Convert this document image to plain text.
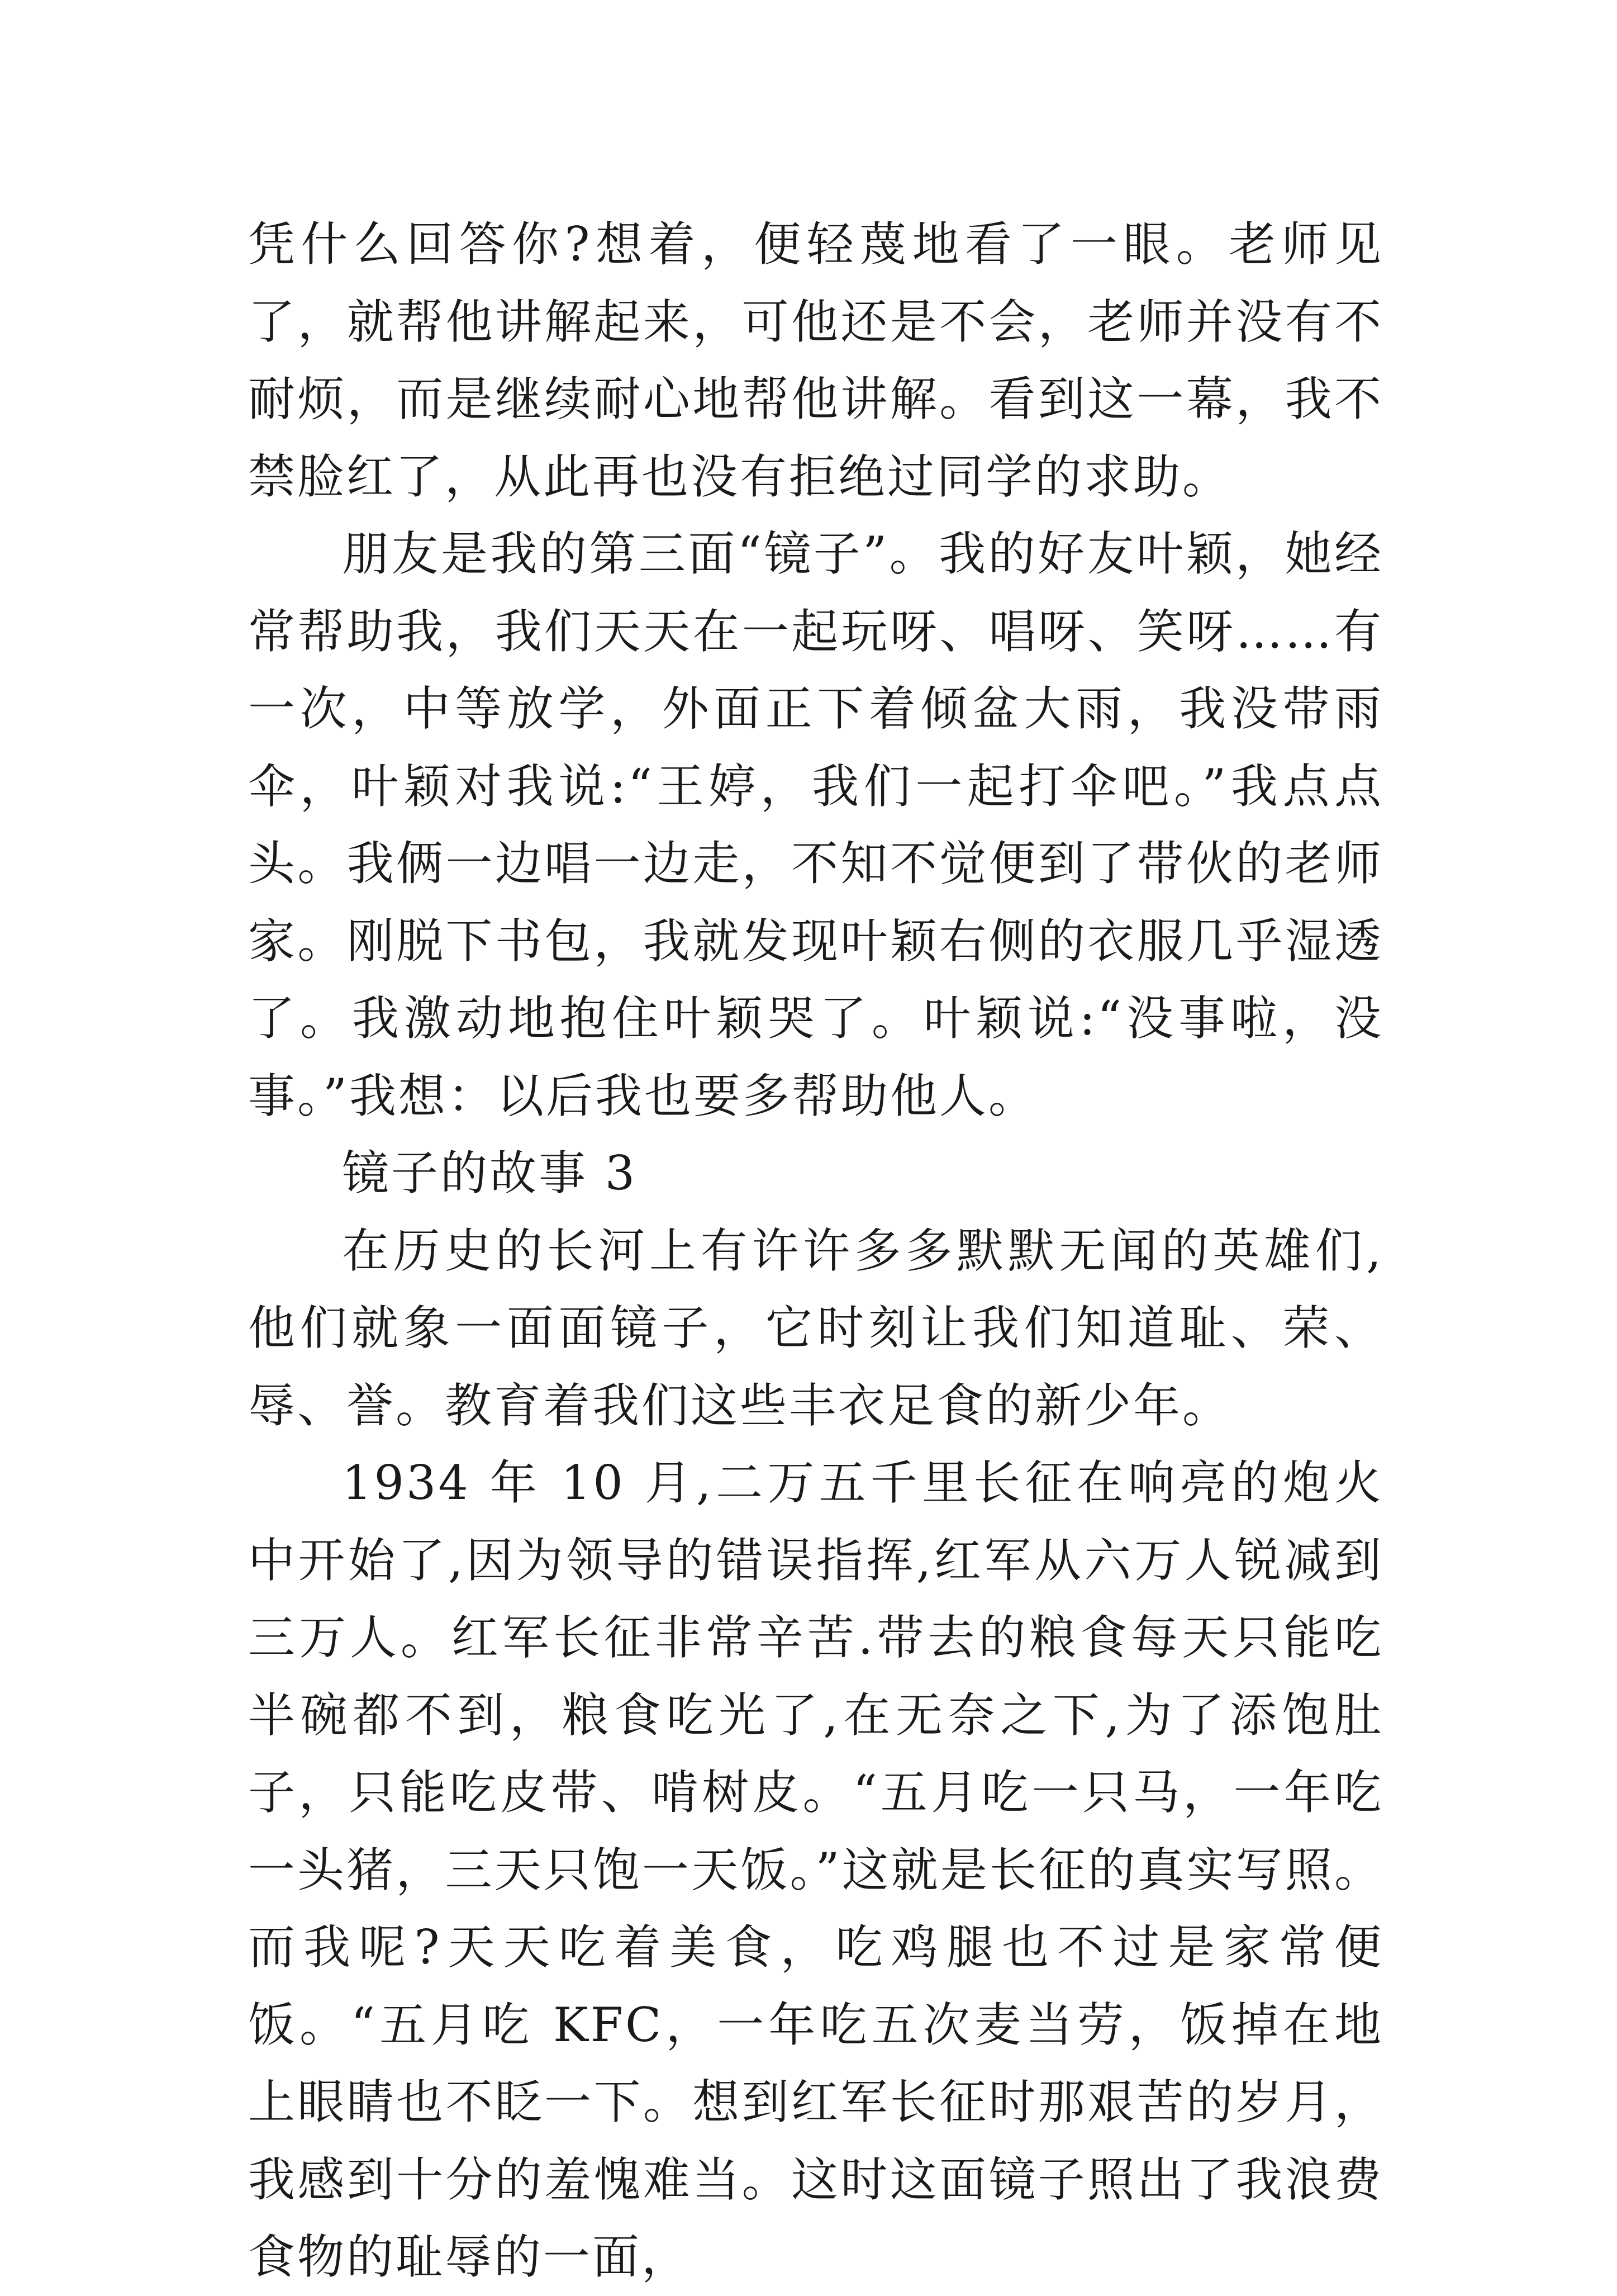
凭什么回答你?想着，便轻蔑地看了一眼。老师见了，就帮他讲解起来，可他还是不会，老师并没有不耐烦，而是继续耐心地帮他讲解。看到这一幕，我不禁脸红了，从此再也没有拒绝过同学的求助。

朋友是我的第三面“镜子”。我的好友叶颖，她经常帮助我，我们天天在一起玩呀、唱呀、笑呀……有一次，中等放学，外面正下着倾盆大雨，我没带雨伞，叶颖对我说:“王婷，我们一起打伞吧。”我点点头。我俩一边唱一边走，不知不觉便到了带伙的老师家。刚脱下书包，我就发现叶颖右侧的衣服几乎湿透了。我激动地抱住叶颖哭了。叶颖说:“没事啦，没事。”我想：以后我也要多帮助他人。

镜子的故事 3

在历史的长河上有许许多多默默无闻的英雄们,他们就象一面面镜子，它时刻让我们知道耻、荣、辱、誉。教育着我们这些丰衣足食的新少年。

1934 年 10 月,二万五千里长征在响亮的炮火中开始了,因为领导的错误指挥,红军从六万人锐减到三万人。红军长征非常辛苦.带去的粮食每天只能吃半碗都不到，粮食吃光了,在无奈之下,为了添饱肚子，只能吃皮带、啃树皮。“五月吃一只马，一年吃一头猪，三天只饱一天饭。”这就是长征的真实写照。而我呢?天天吃着美食，吃鸡腿也不过是家常便饭。“五月吃 KFC，一年吃五次麦当劳，饭掉在地上眼睛也不眨一下。想到红军长征时那艰苦的岁月，我感到十分的羞愧难当。这时这面镜子照出了我浪费食物的耻辱的一面，
